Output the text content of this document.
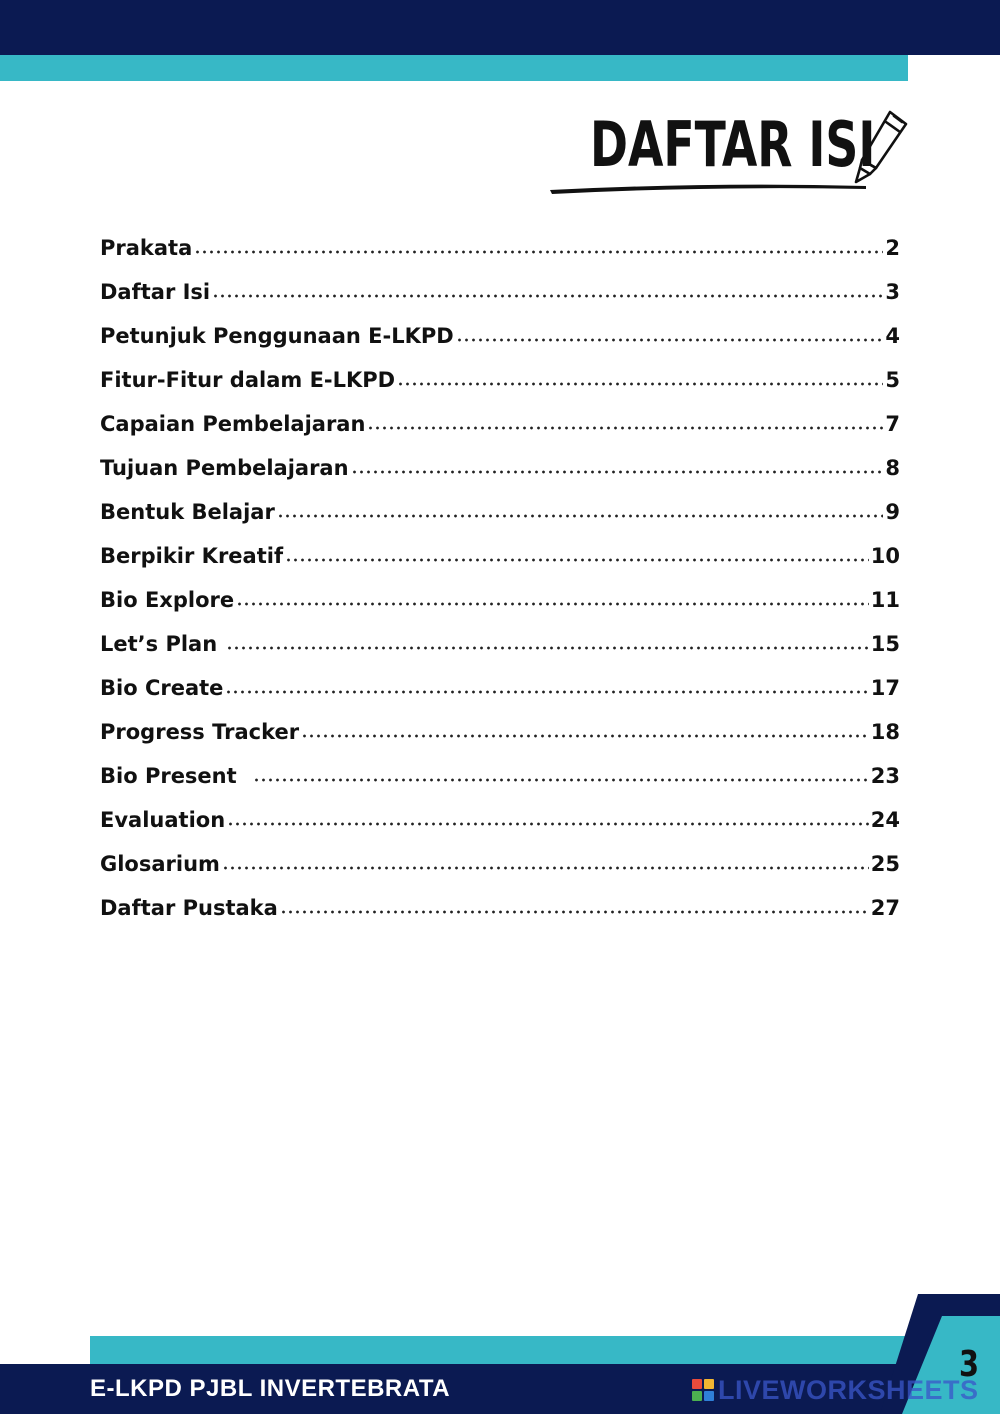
DAFTAR ISI
Prakata	2
Daftar Isi	3
Petunjuk Penggunaan E-LKPD	4
Fitur-Fitur dalam E-LKPD	5
Capaian Pembelajaran	7
Tujuan Pembelajaran	8
Bentuk Belajar	9
Berpikir Kreatif	10
Bio Explore	11
Let’s Plan	15
Bio Create	17
Progress Tracker	18
Bio Present	23
Evaluation	24
Glosarium	25
Daftar Pustaka	27

E-LKPD PJBL INVERTEBRATA

3
LIVEWORKSHEETS
